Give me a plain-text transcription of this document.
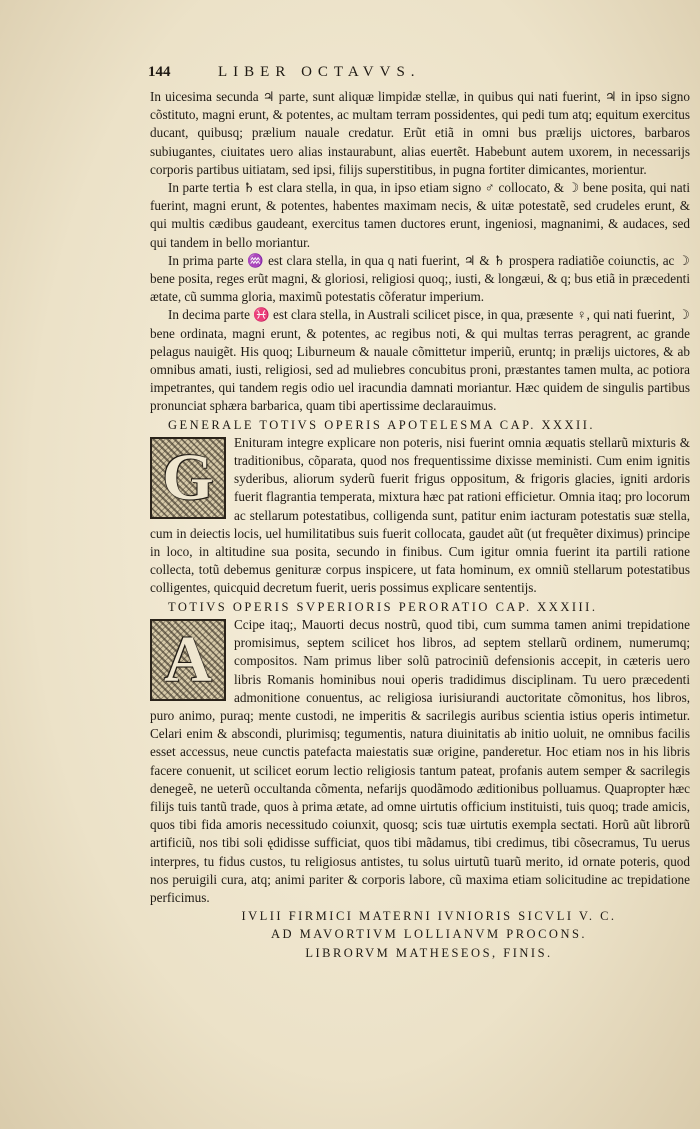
144	LIBER OCTAVVS.

In uicesima secunda ♃ parte, sunt aliquæ limpidæ stellæ, in quibus qui nati fuerint, ♃ in ipso signo cõstituto, magni erunt, & potentes, ac multam terram possidentes, qui pedi tum atq; equitum exercitus ducant, quibusq; prælium nauale credatur. Erũt etiã in omni bus prælijs uictores, barbaros subiugantes, ciuitates uero alias instaurabunt, alias euertẽt. Habebunt autem uxorem, in necessarijs corporis partibus uitiatam, sed ipsi, filijs superstitibus, in pugna fortiter dimicantes, morientur.

In parte tertia ♄ est clara stella, in qua, in ipso etiam signo ♂ collocato, & ☽ bene posita, qui nati fuerint, magni erunt, & potentes, habentes maximam necis, & uitæ potestatẽ, sed crudeles erunt, & qui multis cædibus gaudeant, exercitus tamen ductores erunt, ingeniosi, magnanimi, & audaces, sed qui tandem in bello moriantur.

In prima parte ♒ est clara stella, in qua q nati fuerint, ♃ & ♄ prospera radiatiõe coiunctis, ac ☽ bene posita, reges erũt magni, & gloriosi, religiosi quoq;, iusti, & longæui, & q; bus etiã in præcedenti ætate, cũ summa gloria, maximũ potestatis cõferatur imperium.

In decima parte ♓ est clara stella, in Australi scilicet pisce, in qua, præsente ♀, qui nati fuerint, ☽ bene ordinata, magni erunt, & potentes, ac regibus noti, & qui multas terras peragrent, ac grande pelagus nauigẽt. His quoq; Liburneum & nauale cõmittetur imperiũ, eruntq; in prælijs uictores, & ab omnibus amati, iusti, religiosi, sed ad muliebres concubitus proni, præstantes tamen multa, ac potiora impetrantes, qui tandem regis odio uel iracundia damnati moriantur. Hæc quidem de singulis partibus pronunciat sphæra barbarica, quam tibi apertissime declarauimus.

GENERALE TOTIVS OPERIS APOTELESMA CAP. XXXII.

G	Enituram integre explicare non poteris, nisi fuerint omnia æquatis stellarũ mixturis & traditionibus, cõparata, quod nos frequentissime dixisse meministi. Cum enim ignitis syderibus, aliorum syderũ fuerit frigus oppositum, & frigoris glacies, igniti ardoris fuerit flagrantia temperata, mixtura hæc pat rationi efficietur. Omnia itaq; pro locorum ac stellarum potestatibus, colligenda sunt, patitur enim iacturam potestatis suæ stella, cum in deiectis locis, uel humilitatibus suis fuerit collocata, gaudet aũt (ut frequẽter diximus) principe in loco, in altitudine sua posita, secundo in finibus. Cum igitur omnia fuerint ita partili ratione collecta, totũ debemus genituræ corpus inspicere, ut fata hominum, ex omniũ stellarum potestatibus colligentes, quicquid decretum fuerit, ueris possimus explicare sententijs.

TOTIVS OPERIS SVPERIORIS PERORATIO CAP. XXXIII.

A	Ccipe itaq;, Mauorti decus nostrũ, quod tibi, cum summa tamen animi trepidatione promisimus, septem scilicet hos libros, ad septem stellarũ ordinem, numerumq; compositos. Nam primus liber solũ patrociniũ defensionis accepit, in cæteris uero libris Romanis hominibus noui operis tradidimus disciplinam. Tu uero præcedenti admonitione conuentus, ac religiosa iurisiurandi auctoritate cõmonitus, hos libros, puro animo, puraq; mente custodi, ne imperitis & sacrilegis auribus scientia istius operis intimetur. Celari enim & abscondi, plurimisq; tegumentis, natura diuinitatis ab initio uoluit, ne omnibus facilis esset accessus, neue cunctis patefacta maiestatis suæ origine, panderetur. Hoc etiam nos in his libris facere conuenit, ut scilicet eorum lectio religiosis tantum pateat, profanis autem semper & sacrilegis denegeẽ, ne ueterũ occultanda cõmenta, nefarijs quodãmodo æditionibus polluamus. Quapropter hæc filijs tuis tantũ trade, quos à prima ætate, ad omne uirtutis officium instituisti, tuis quoq; trade amicis, quos tibi fida amoris necessitudo coiunxit, quosq; scis tuæ uirtutis exempla sectati. Horũ aũt librorũ artificiũ, nos tibi soli ędidisse sufficiat, quos tibi mãdamus, tibi credimus, tibi cõsecramus, Tu uerus interpres, tu fidus custos, tu religiosus antistes, tu solus uirtutũ tuarũ merito, id ornate poteris, quod nos peruigili cura, atq; animi pariter & corporis labore, cũ maxima etiam solicitudine ac trepidatione perficimus.

IVLII FIRMICI MATERNI IVNIORIS SICVLI V. C.

AD MAVORTIVM LOLLIANVM PROCONS.

LIBRORVM MATHESEOS, FINIS.
